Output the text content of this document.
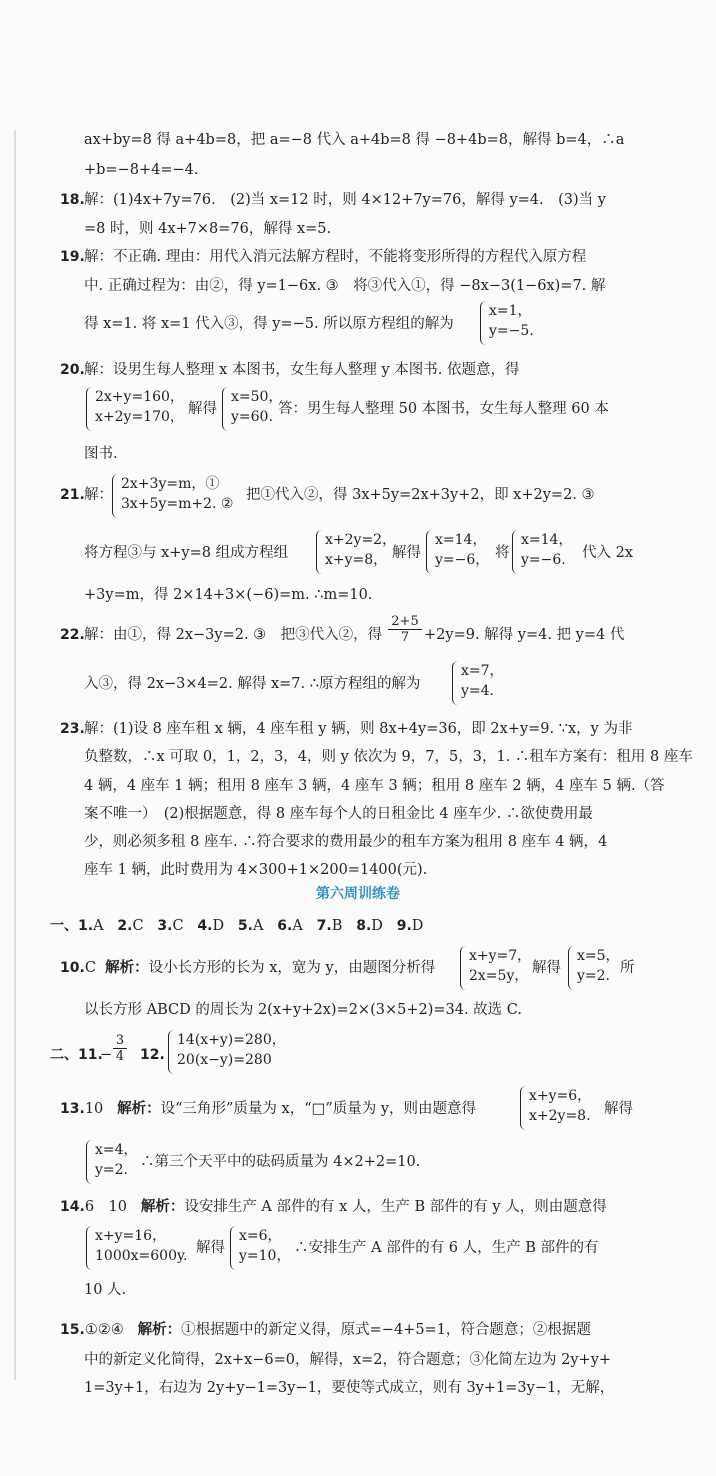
ax+by=8 得 a+4b=8，把 a=−8 代入 a+4b=8 得 −8+4b=8，解得 b=4，∴a
+b=−8+4=−4.
18. 解：(1)4x+7y=76.　(2)当 x=12 时，则 4×12+7y=76，解得 y=4.　(3)当 y
=8 时，则 4x+7×8=76，解得 x=5.
19. 解：不正确. 理由：用代入消元法解方程时，不能将变形所得的方程代入原方程
中. 正确过程为：由②，得 y=1−6x. ③　将③代入①，得 −8x−3(1−6x)=7. 解
得 x=1. 将 x=1 代入③，得 y=−5. 所以原方程组的解为
x=1，
y=−5.
20. 解：设男生每人整理 x 本图书，女生每人整理 y 本图书. 依题意，得
2x+y=160，
x+2y=170， 解得
x=50，
y=60. 答：男生每人整理 50 本图书，女生每人整理 60 本
图书.
21. 解：
2x+3y=m，①
3x+5y=m+2. ②
把①代入②，得 3x+5y=2x+3y+2，即 x+2y=2. ③
将方程③与 x+y=8 组成方程组
x+2y=2，
x+y=8， 解得
x=14，
y=−6， 将
x=14，
y=−6.	代入 2x
+3y=m，得 2×14+3×(−6)=m. ∴m=10.
22. 解：由①，得 2x−3y=2. ③　把③代入②，得 $\frac{2+5}{7} +2y=9$. 解得 y=4. 把 y=4 代
入③，得 2x−3×4=2. 解得 x=7. ∴原方程组的解为
x=7，
y=4.
23. 解：(1)设 8 座车租 x 辆，4 座车租 y 辆，则 8x+4y=36，即 2x+y=9. ∵x，y 为非
负整数，∴x 可取 0，1，2，3，4，则 y 依次为 9，7，5，3，1. ∴租车方案有：租用 8 座车
4 辆，4 座车 1 辆；租用 8 座车 3 辆，4 座车 3 辆；租用 8 座车 2 辆，4 座车 5 辆.（答
案不唯一）　(2)根据题意，得 8 座车每个人的日租金比 4 座车少. ∴欲使费用最
少，则必须多租 8 座车. ∴符合要求的费用最少的租车方案为租用 8 座车 4 辆，4
座车 1 辆，此时费用为 4×300+1×200=1400(元).
第六周训练卷
一、1.A 2.C 3.C 4.D 5.A 6.A 7.B 8.D 9.D
10.C 解析：设小长方形的长为 x，宽为 y，由题图分析得
x+y=7，
2x=5y， 解得
x=5，
y=2. 所
以长方形 ABCD 的周长为 2(x+y+2x)=2×(3×5+2)=34. 故选 C.
二、11.
− $\frac{3}{4} 12$.
14(x+y)=280，
20(x−y)=280
13.10 解析：设“三角形”质量为 x，“□”质量为 y，则由题意得
x+y=6，
x+2y=8. 解得
x=4，
y=2. ∴第三个天平中的砝码质量为 4×2+2=10.
14.6　10 解析：设安排生产 A 部件的有 x 人，生产 B 部件的有 y 人，则由题意得
x+y=16，
1000x=600y. 解得
x=6，
y=10， ∴安排生产 A 部件的有 6 人，生产 B 部件的有
10 人.
15.①②④ 解析：①根据题中的新定义得，原式=−4+5=1，符合题意；②根据题
中的新定义化简得，2x+x−6=0，解得，x=2，符合题意；③化简左边为 2y+y+
1=3y+1，右边为 2y+y−1=3y−1，要使等式成立，则有 3y+1=3y−1，无解，
